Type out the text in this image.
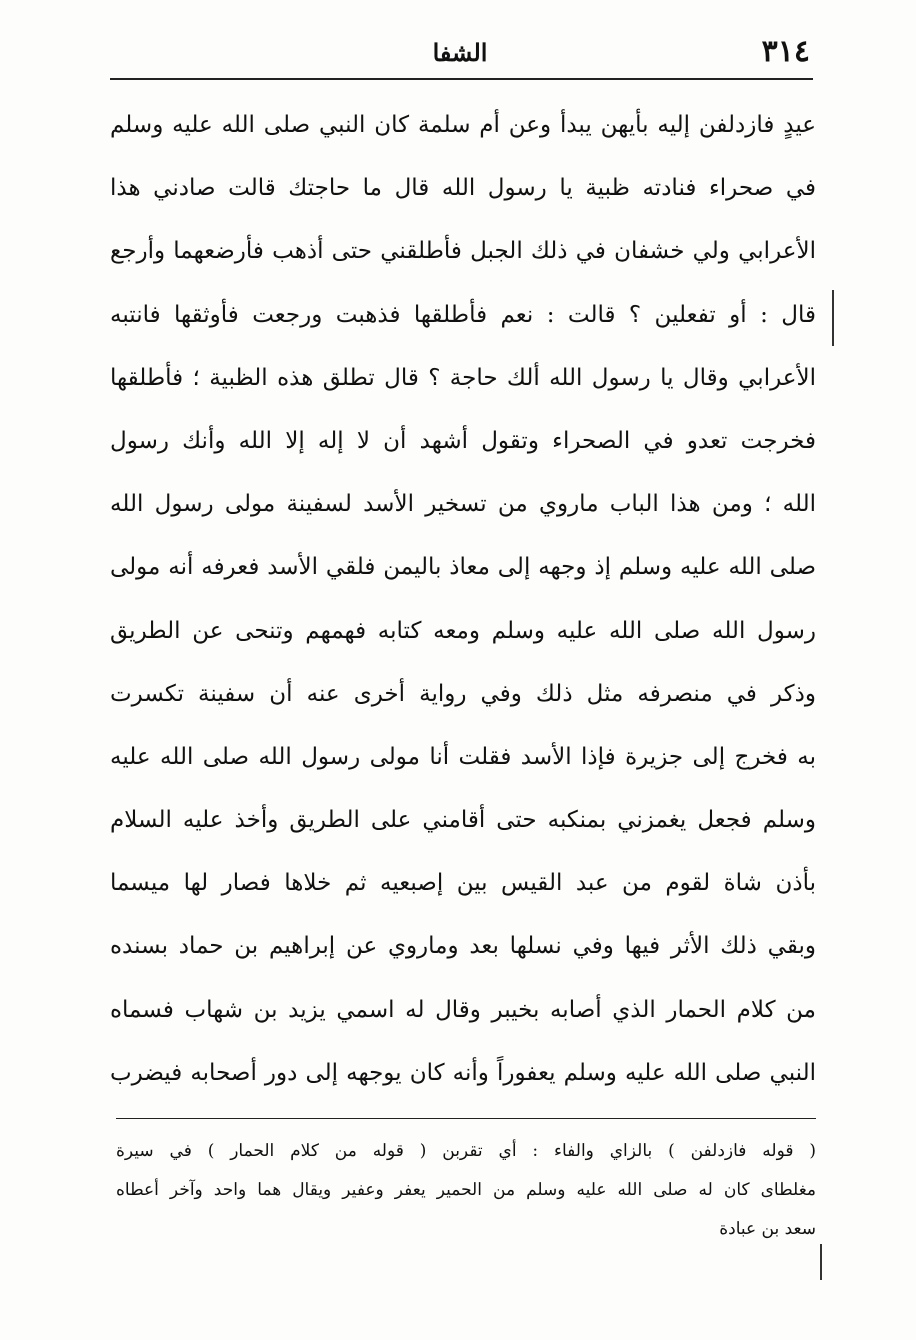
٣١٤
الشفا
عيدٍ فازدلفن إليه بأيهن يبدأ وعن أم سلمة كان النبي صلى الله عليه وسلم
في صحراء فنادته ظبية يا رسول الله قال ما حاجتك قالت صادني هذا
الأعرابي ولي خشفان في ذلك الجبل فأطلقني حتى أذهب فأرضعهما وأرجع
قال : أو تفعلين ؟ قالت : نعم فأطلقها فذهبت ورجعت فأوثقها فانتبه
الأعرابي وقال يا رسول الله ألك حاجة ؟ قال تطلق هذه الظبية ؛ فأطلقها
فخرجت تعدو في الصحراء وتقول أشهد أن لا إله إلا الله وأنك رسول
الله ؛ ومن هذا الباب ماروي من تسخير الأسد لسفينة مولى رسول الله
صلى الله عليه وسلم إذ وجهه إلى معاذ باليمن فلقي الأسد فعرفه أنه مولى
رسول الله صلى الله عليه وسلم ومعه كتابه فهمهم وتنحى عن الطريق
وذكر في منصرفه مثل ذلك وفي رواية أخرى عنه أن سفينة تكسرت
به فخرج إلى جزيرة فإذا الأسد فقلت أنا مولى رسول الله صلى الله عليه
وسلم فجعل يغمزني بمنكبه حتى أقامني على الطريق وأخذ عليه السلام
بأذن شاة لقوم من عبد القيس بين إصبعيه ثم خلاها فصار لها ميسما
وبقي ذلك الأثر فيها وفي نسلها بعد وماروي عن إبراهيم بن حماد بسنده
من كلام الحمار الذي أصابه بخيبر وقال له اسمي يزيد بن شهاب فسماه
النبي صلى الله عليه وسلم يعفوراً وأنه كان يوجهه إلى دور أصحابه فيضرب
( قوله فازدلفن ) بالزاي والفاء : أي تقربن ( قوله من كلام الحمار ) في سيرة
مغلطاى كان له صلى الله عليه وسلم من الحمير يعفر وعفير ويقال هما واحد وآخر أعطاه
سعد بن عبادة
